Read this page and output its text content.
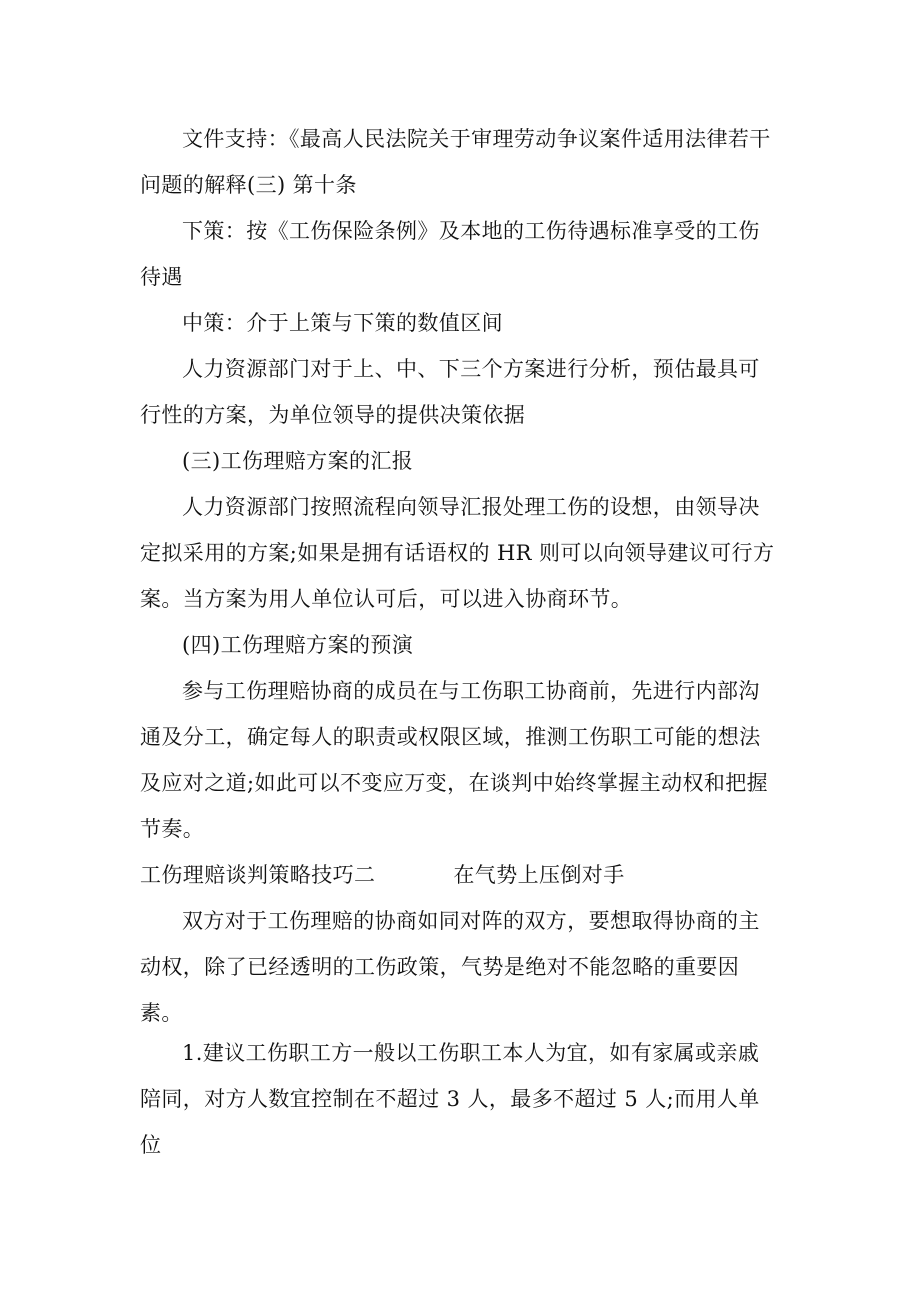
文件支持：《最高人民法院关于审理劳动争议案件适用法律若干问题的解释(三) 第十条

下策：按《工伤保险条例》及本地的工伤待遇标准享受的工伤待遇

中策：介于上策与下策的数值区间

人力资源部门对于上、中、下三个方案进行分析，预估最具可行性的方案，为单位领导的提供决策依据

(三)工伤理赔方案的汇报

人力资源部门按照流程向领导汇报处理工伤的设想，由领导决定拟采用的方案;如果是拥有话语权的 HR 则可以向领导建议可行方案。当方案为用人单位认可后，可以进入协商环节。

(四)工伤理赔方案的预演

参与工伤理赔协商的成员在与工伤职工协商前，先进行内部沟通及分工，确定每人的职责或权限区域，推测工伤职工可能的想法及应对之道;如此可以不变应万变，在谈判中始终掌握主动权和把握节奏。

工伤理赔谈判策略技巧二	在气势上压倒对手

双方对于工伤理赔的协商如同对阵的双方，要想取得协商的主动权，除了已经透明的工伤政策，气势是绝对不能忽略的重要因素。

1.建议工伤职工方一般以工伤职工本人为宜，如有家属或亲戚陪同，对方人数宜控制在不超过 3 人，最多不超过 5 人;而用人单位
